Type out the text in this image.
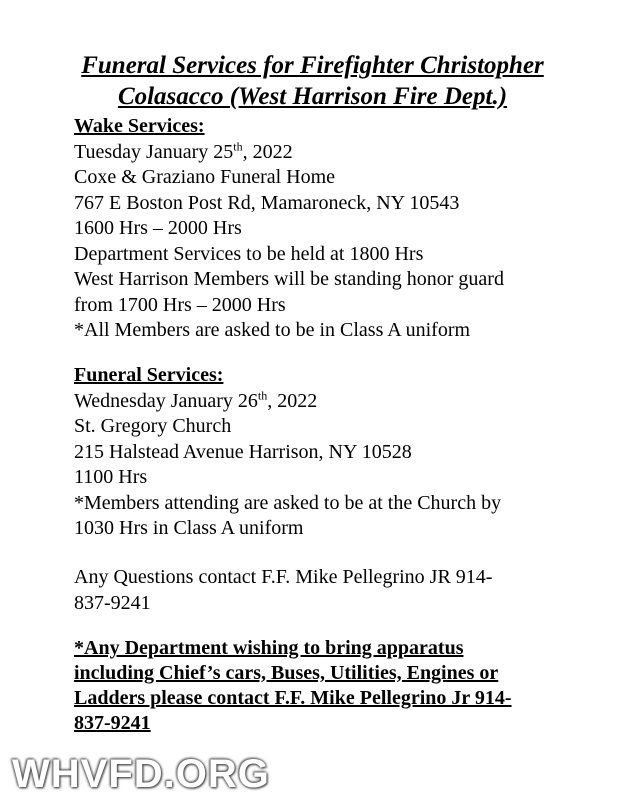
Funeral Services for Firefighter Christopher
Colasacco (West Harrison Fire Dept.)
Wake Services:
Tuesday January 25th, 2022
Coxe & Graziano Funeral Home
767 E Boston Post Rd, Mamaroneck, NY 10543
1600 Hrs – 2000 Hrs
Department Services to be held at 1800 Hrs
West Harrison Members will be standing honor guard
from 1700 Hrs – 2000 Hrs
*All Members are asked to be in Class A uniform
Funeral Services:
Wednesday January 26th, 2022
St. Gregory Church
215 Halstead Avenue Harrison, NY 10528
1100 Hrs
*Members attending are asked to be at the Church by
1030 Hrs in Class A uniform
Any Questions contact F.F. Mike Pellegrino JR 914-
837-9241
*Any Department wishing to bring apparatus
including Chief’s cars, Buses, Utilities, Engines or
Ladders please contact F.F. Mike Pellegrino Jr 914-
837-9241
WHVFD.ORG
